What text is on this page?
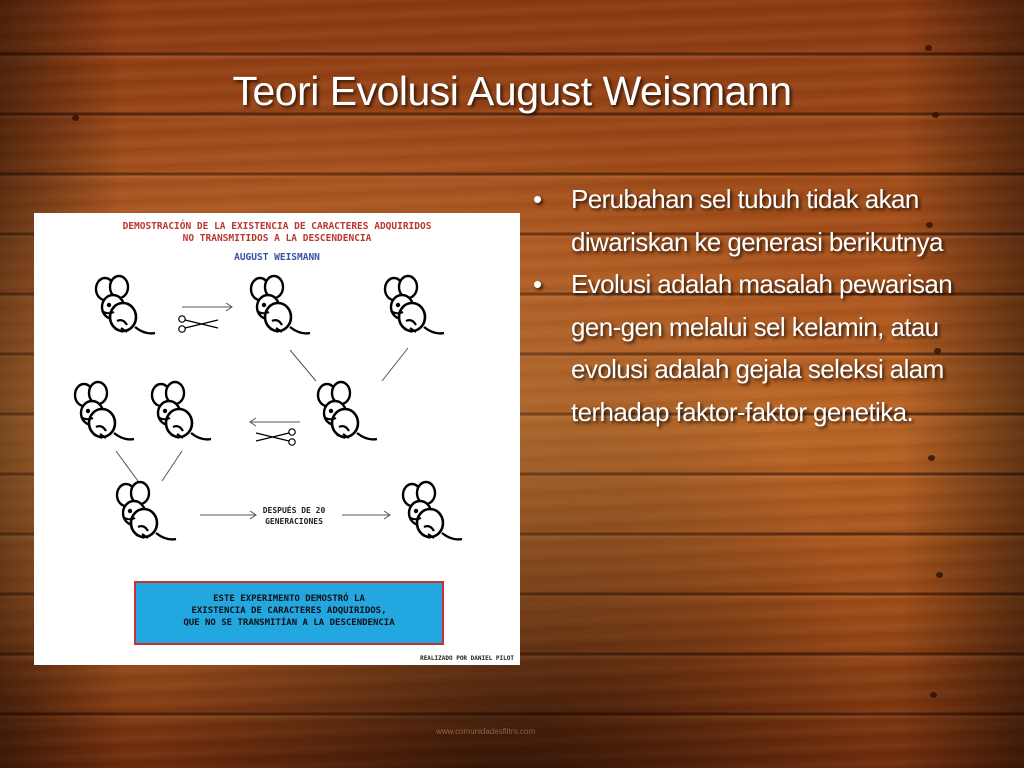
Teori Evolusi August Weismann
DEMOSTRACIÓN DE LA EXISTENCIA DE CARACTERES ADQUIRIDOS
NO TRANSMITIDOS A LA DESCENDENCIA
AUGUST WEISMANN
DESPUÉS DE 20
GENERACIONES
ESTE EXPERIMENTO DEMOSTRÓ LA
EXISTENCIA DE CARACTERES ADQUIRIDOS,
QUE NO SE TRANSMITÍAN A LA DESCENDENCIA
REALIZADO POR DANIEL PILOT
• Perubahan sel tubuh tidak akan diwariskan ke generasi berikutnya
• Evolusi adalah masalah pewarisan gen-gen melalui sel kelamin, atau evolusi adalah gejala seleksi alam terhadap faktor-faktor genetika.
www.comunidadesfiltro.com
